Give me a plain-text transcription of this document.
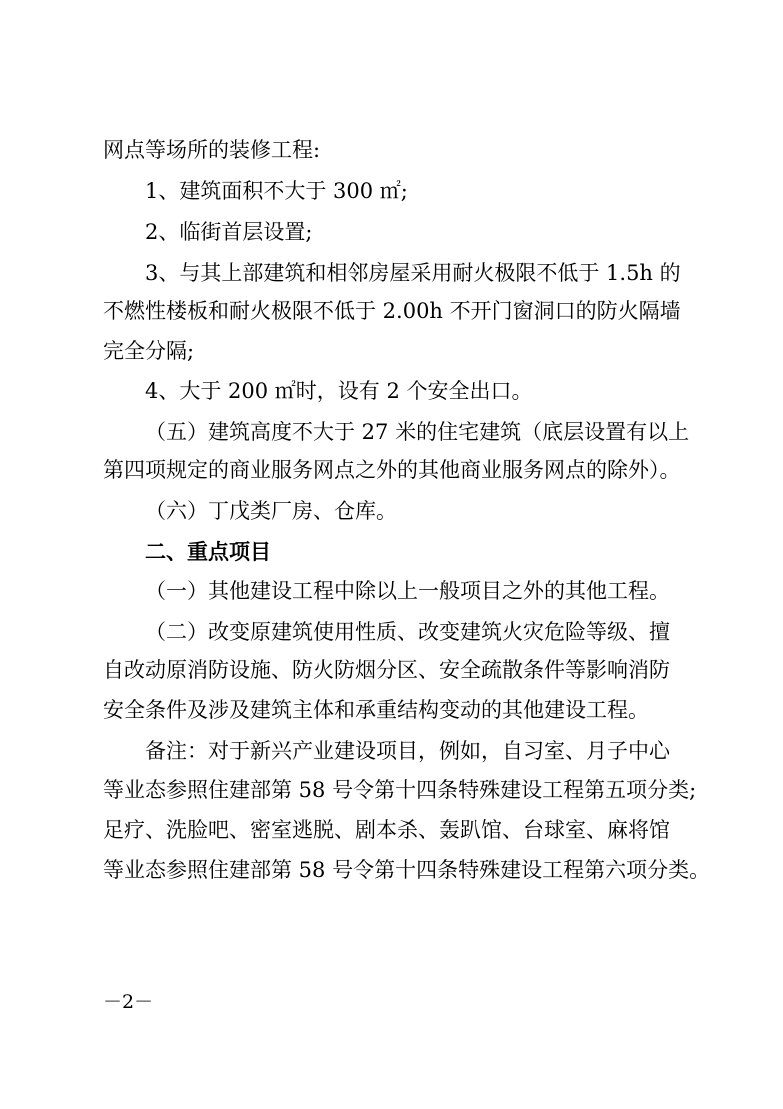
网点等场所的装修工程:
1、建筑面积不大于 300 ㎡;
2、临街首层设置;
3、与其上部建筑和相邻房屋采用耐火极限不低于 1.5h 的
不燃性楼板和耐火极限不低于 2.00h 不开门窗洞口的防火隔墙
完全分隔;
4、大于 200 ㎡时，设有 2 个安全出口。
（五）建筑高度不大于 27 米的住宅建筑（底层设置有以上
第四项规定的商业服务网点之外的其他商业服务网点的除外）。
（六）丁戊类厂房、仓库。
二、重点项目
（一）其他建设工程中除以上一般项目之外的其他工程。
（二）改变原建筑使用性质、改变建筑火灾危险等级、擅
自改动原消防设施、防火防烟分区、安全疏散条件等影响消防
安全条件及涉及建筑主体和承重结构变动的其他建设工程。
备注：对于新兴产业建设项目，例如，自习室、月子中心
等业态参照住建部第 58 号令第十四条特殊建设工程第五项分类;
足疗、洗脸吧、密室逃脱、剧本杀、轰趴馆、台球室、麻将馆
等业态参照住建部第 58 号令第十四条特殊建设工程第六项分类。
－2－
